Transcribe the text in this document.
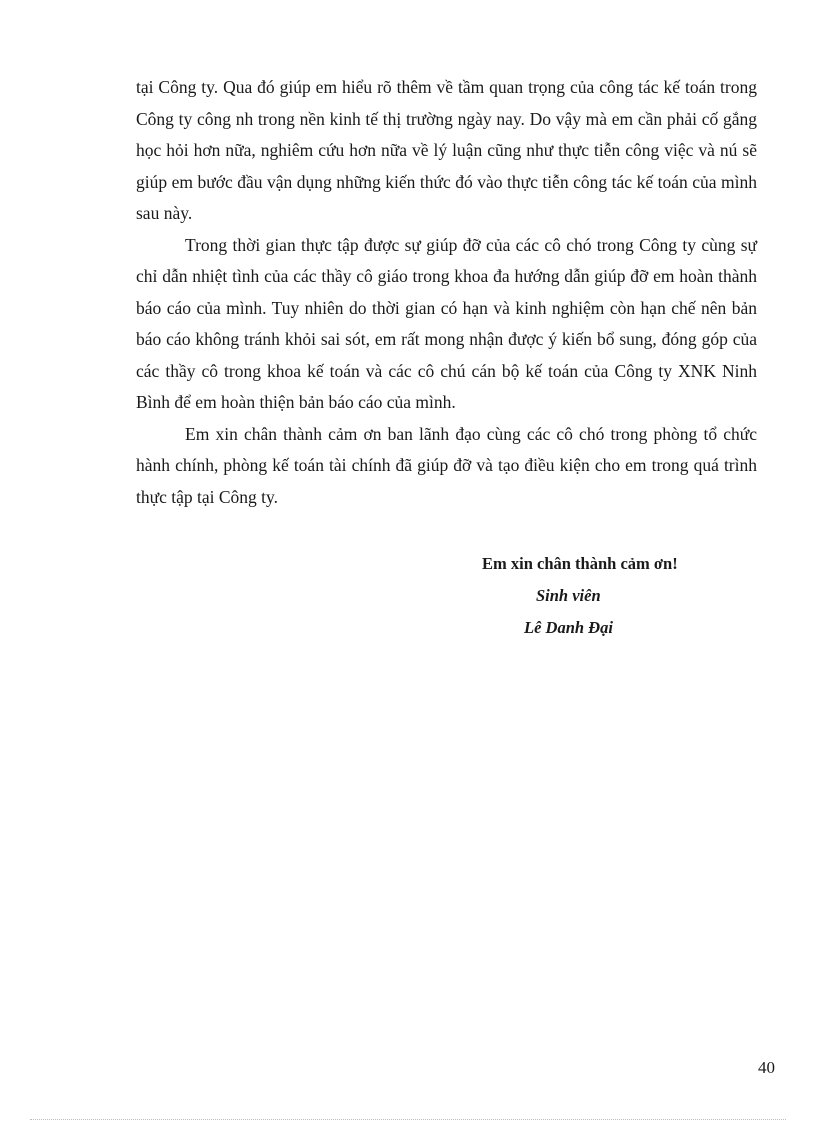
tại Công ty. Qua đó giúp em hiểu rõ thêm về tầm quan trọng của công tác kế toán trong Công ty công nh trong nền kinh tế thị trường ngày nay. Do vậy mà em cần phải cố gắng học hỏi hơn nữa, nghiêm cứu hơn nữa về lý luận cũng như thực tiễn công việc và nú sẽ giúp em bước đầu vận dụng những kiến thức đó vào thực tiễn công tác kế toán của mình sau này.

Trong thời gian thực tập được sự giúp đỡ của các cô chó trong Công ty cùng sự chỉ dẫn nhiệt tình của các thầy cô giáo trong khoa đa hướng dẫn giúp đỡ em hoàn thành báo cáo của mình. Tuy nhiên do thời gian có hạn và kinh nghiệm còn hạn chế nên bản báo cáo không tránh khỏi sai sót, em rất mong nhận được ý kiến bổ sung, đóng góp của các thầy cô trong khoa kế toán và các cô chú cán bộ kế toán của Công ty XNK Ninh Bình để em hoàn thiện bản báo cáo của mình.

Em xin chân thành cảm ơn ban lãnh đạo cùng các cô chó trong phòng tổ chức hành chính, phòng kế toán tài chính đã giúp đỡ và tạo điều kiện cho em trong quá trình thực tập tại Công ty.

Em xin chân thành cảm ơn!
Sinh viên
Lê Danh Đại
40
